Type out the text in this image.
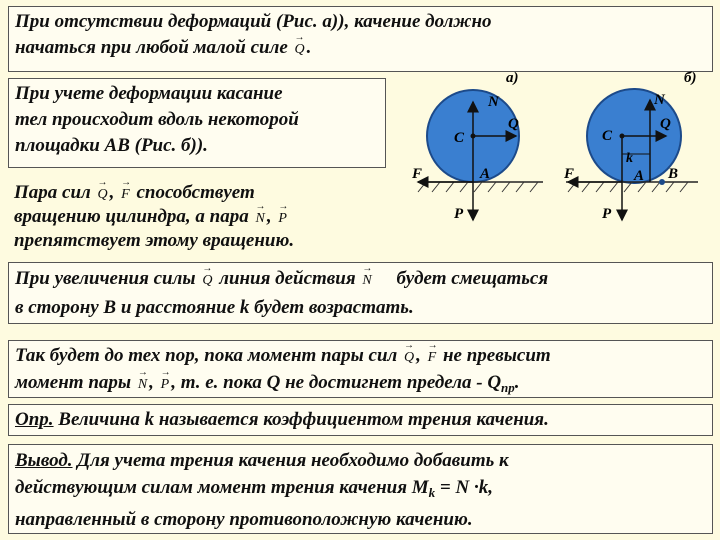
При отсутствии деформаций (Рис. а)), качение должно
начаться при любой малой силе → Q .
При учете деформации касание
тел происходит вдоль некоторой
площадки АВ (Рис. б)).
Пара сил → Q , → F способствует
вращению цилиндра, а пара → N , → P
препятствует этому вращению.
а)
N
Q
C
A
F
P
б)
N
Q
C
k
A B
F
P
При увеличения силы → Q линия действия → N будет смещаться
в сторону В и расстояние k будет возрастать.
Так будет до тех пор, пока момент пары сил → Q , → F не превысит
момент пары → N , → P , т. е. пока Q не достигнет предела - $Q_{пр}$.
Опр. Величина k называется коэффициентом трения качения.
Вывод. Для учета трения качения необходимо добавить к
действующим силам момент трения качения $M_k = N \cdot k$,
направленный в сторону противоположную качению.
